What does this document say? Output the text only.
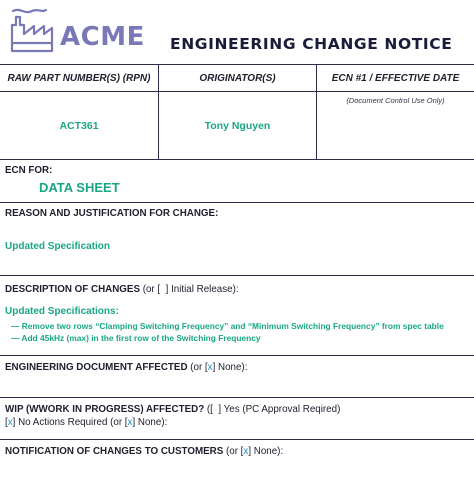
ACME ENGINEERING CHANGE NOTICE
RAW PART NUMBER(S) (RPN)
ACT361
ORIGINATOR(S)
Tony Nguyen
ECN #1 / EFFECTIVE DATE
(Document Control Use Only)
ECN FOR:
DATA SHEET
REASON AND JUSTIFICATION FOR CHANGE:
Updated Specification
DESCRIPTION OF CHANGES (or [ ] Initial Release):
Updated Specifications:
— Remove two rows “Clamping Switching Frequency” and “Minimum Switching Frequency” from spec table
— Add 45kHz (max) in the first row of the Switching Frequency
ENGINEERING DOCUMENT AFFECTED (or [x] None):
WIP (WWORK IN PROGRESS) AFFECTED? ([  ] Yes (PC Approval Reqired)
[x] No Actions Required (or [x] None):
NOTIFICATION OF CHANGES TO CUSTOMERS (or [x] None):
